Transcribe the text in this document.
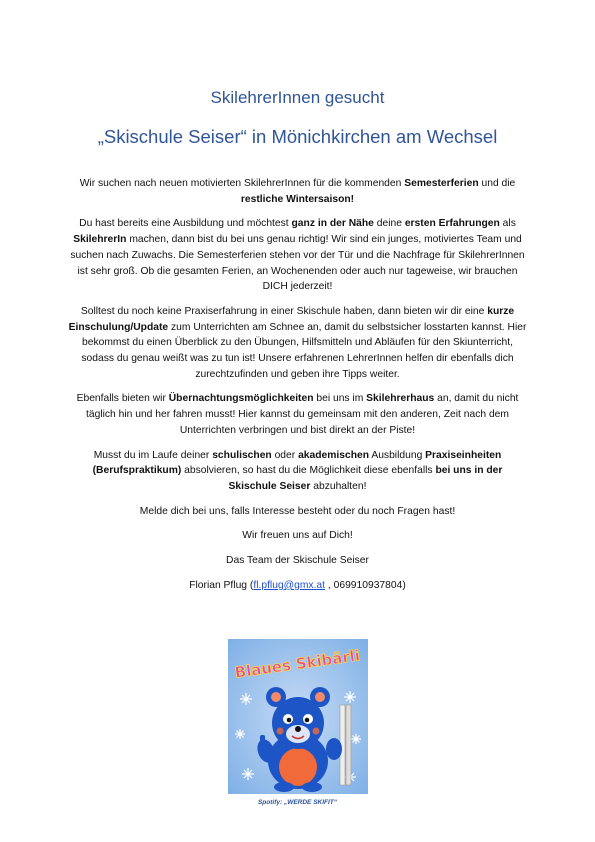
SkilehrerInnen gesucht
„Skischule Seiser“ in Mönichkirchen am Wechsel

Wir suchen nach neuen motivierten SkilehrerInnen für die kommenden Semesterferien und die restliche Wintersaison!

Du hast bereits eine Ausbildung und möchtest ganz in der Nähe deine ersten Erfahrungen als SkilehrerIn machen, dann bist du bei uns genau richtig! Wir sind ein junges, motiviertes Team und suchen nach Zuwachs. Die Semesterferien stehen vor der Tür und die Nachfrage für SkilehrerInnen ist sehr groß. Ob die gesamten Ferien, an Wochenenden oder auch nur tageweise, wir brauchen DICH jederzeit!

Solltest du noch keine Praxiserfahrung in einer Skischule haben, dann bieten wir dir eine kurze Einschulung/Update zum Unterrichten am Schnee an, damit du selbstsicher losstarten kannst. Hier bekommst du einen Überblick zu den Übungen, Hilfsmitteln und Abläufen für den Skiunterricht, sodass du genau weißt was zu tun ist! Unsere erfahrenen LehrerInnen helfen dir ebenfalls dich zurechtzufinden und geben ihre Tipps weiter.

Ebenfalls bieten wir Übernachtungsmöglichkeiten bei uns im Skilehrerhaus an, damit du nicht täglich hin und her fahren musst! Hier kannst du gemeinsam mit den anderen, Zeit nach dem Unterrichten verbringen und bist direkt an der Piste!

Musst du im Laufe deiner schulischen oder akademischen Ausbildung Praxiseinheiten (Berufspraktikum) absolvieren, so hast du die Möglichkeit diese ebenfalls bei uns in der Skischule Seiser abzuhalten!

Melde dich bei uns, falls Interesse besteht oder du noch Fragen hast!

Wir freuen uns auf Dich!

Das Team der Skischule Seiser

Florian Pflug (fl.pflug@gmx.at , 069910937804)

Blaues Skibärli
Spotify: „WERDE SKIFIT“
